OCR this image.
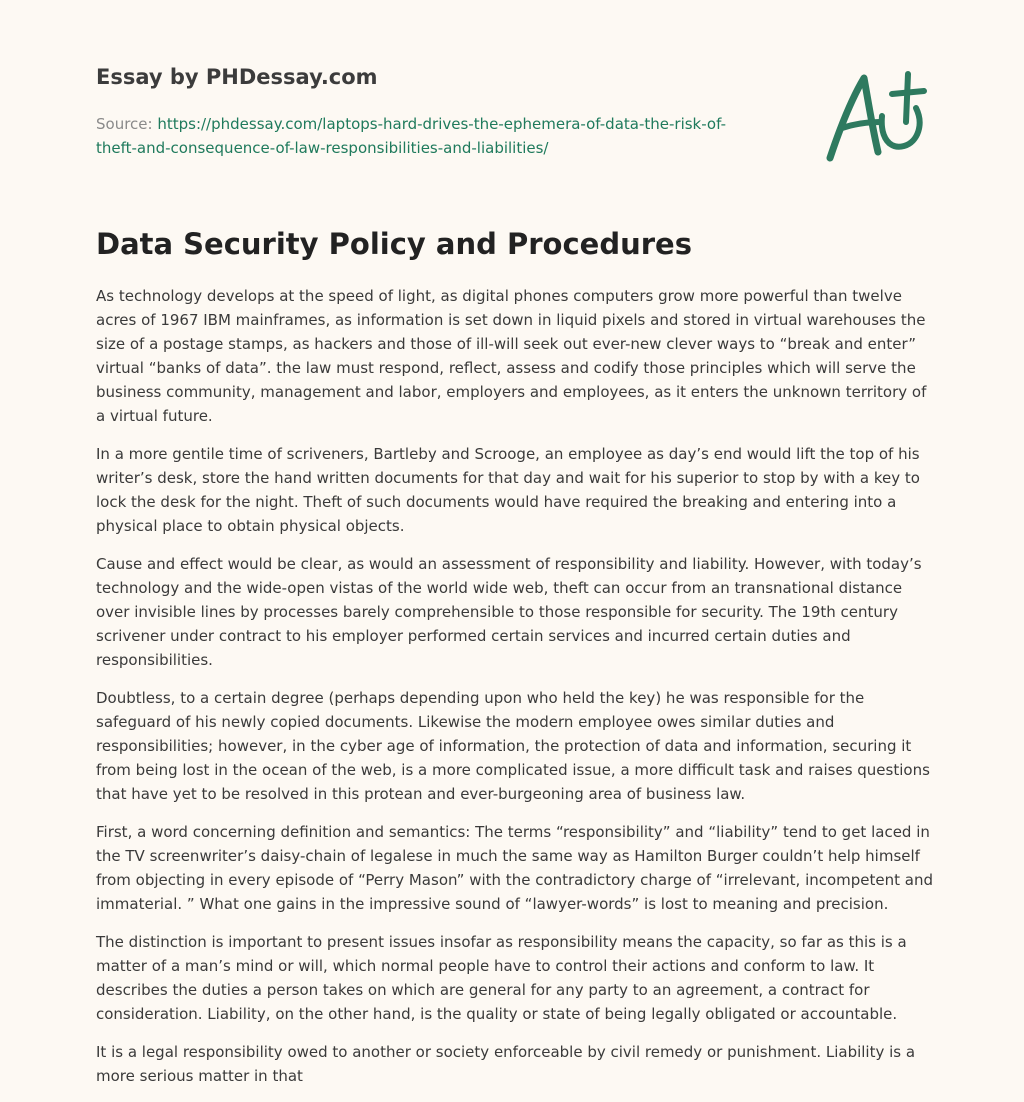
Essay by PHDessay.com
Source: https://phdessay.com/laptops-hard-drives-the-ephemera-of-data-the-risk-of-theft-and-consequence-of-law-responsibilities-and-liabilities/
Data Security Policy and Procedures

As technology develops at the speed of light, as digital phones computers grow more powerful than twelve acres of 1967 IBM mainframes, as information is set down in liquid pixels and stored in virtual warehouses the size of a postage stamps, as hackers and those of ill-will seek out ever-new clever ways to “break and enter” virtual “banks of data”. the law must respond, reflect, assess and codify those principles which will serve the business community, management and labor, employers and employees, as it enters the unknown territory of a virtual future.

In a more gentile time of scriveners, Bartleby and Scrooge, an employee as day’s end would lift the top of his writer’s desk, store the hand written documents for that day and wait for his superior to stop by with a key to lock the desk for the night. Theft of such documents would have required the breaking and entering into a physical place to obtain physical objects.

Cause and effect would be clear, as would an assessment of responsibility and liability. However, with today’s technology and the wide-open vistas of the world wide web, theft can occur from an transnational distance over invisible lines by processes barely comprehensible to those responsible for security. The 19th century scrivener under contract to his employer performed certain services and incurred certain duties and responsibilities.

Doubtless, to a certain degree (perhaps depending upon who held the key) he was responsible for the safeguard of his newly copied documents. Likewise the modern employee owes similar duties and responsibilities; however, in the cyber age of information, the protection of data and information, securing it from being lost in the ocean of the web, is a more complicated issue, a more difficult task and raises questions that have yet to be resolved in this protean and ever-burgeoning area of business law.

First, a word concerning definition and semantics: The terms “responsibility” and “liability” tend to get laced in the TV screenwriter’s daisy-chain of legalese in much the same way as Hamilton Burger couldn’t help himself from objecting in every episode of “Perry Mason” with the contradictory charge of “irrelevant, incompetent and immaterial. ” What one gains in the impressive sound of “lawyer-words” is lost to meaning and precision.

The distinction is important to present issues insofar as responsibility means the capacity, so far as this is a matter of a man’s mind or will, which normal people have to control their actions and conform to law. It describes the duties a person takes on which are general for any party to an agreement, a contract for consideration. Liability, on the other hand, is the quality or state of being legally obligated or accountable.

It is a legal responsibility owed to another or society enforceable by civil remedy or punishment. Liability is a more serious matter in that
